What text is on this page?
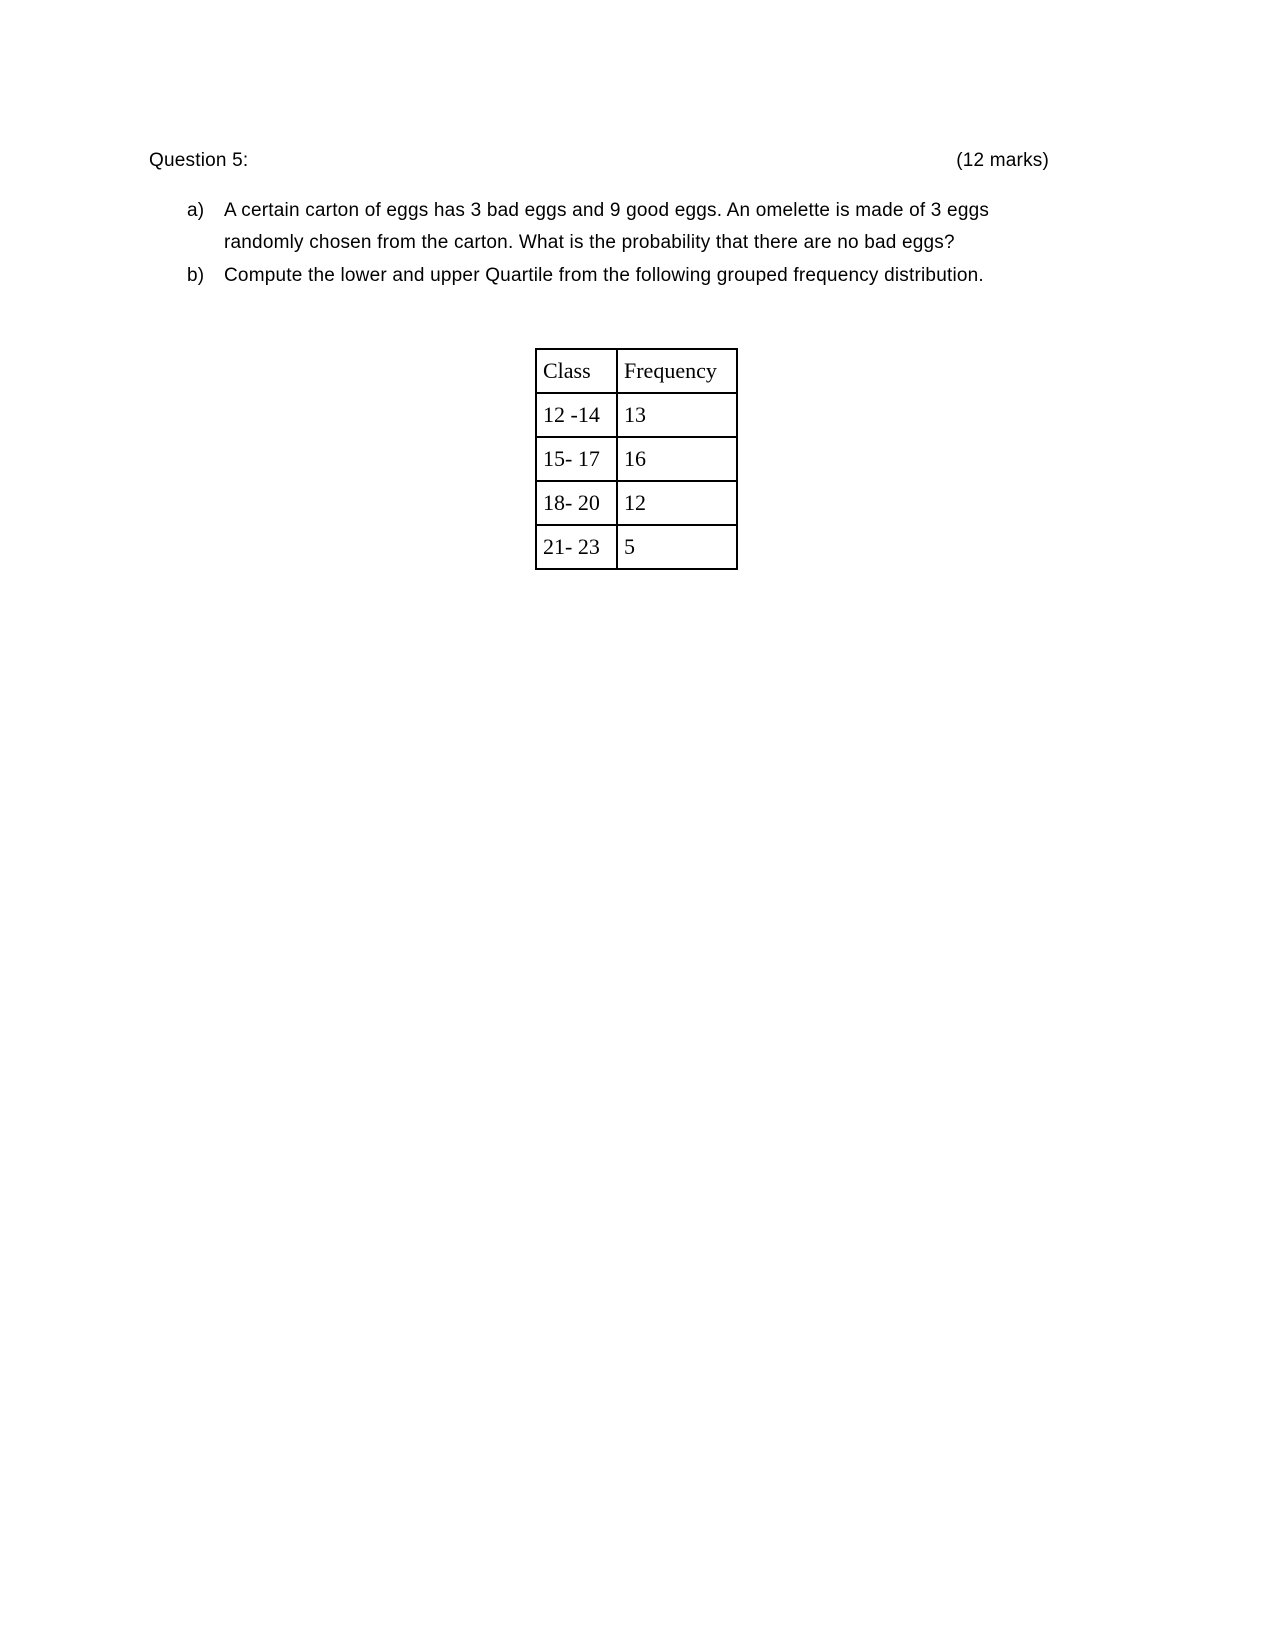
Question 5:	(12 marks)
a) A certain carton of eggs has 3 bad eggs and 9 good eggs. An omelette is made of 3 eggs
randomly chosen from the carton. What is the probability that there are no bad eggs?
b) Compute the lower and upper Quartile from the following grouped frequency distribution.
Class	Frequency
12 -14	13
15- 17	16
18- 20	12
21- 23	5
